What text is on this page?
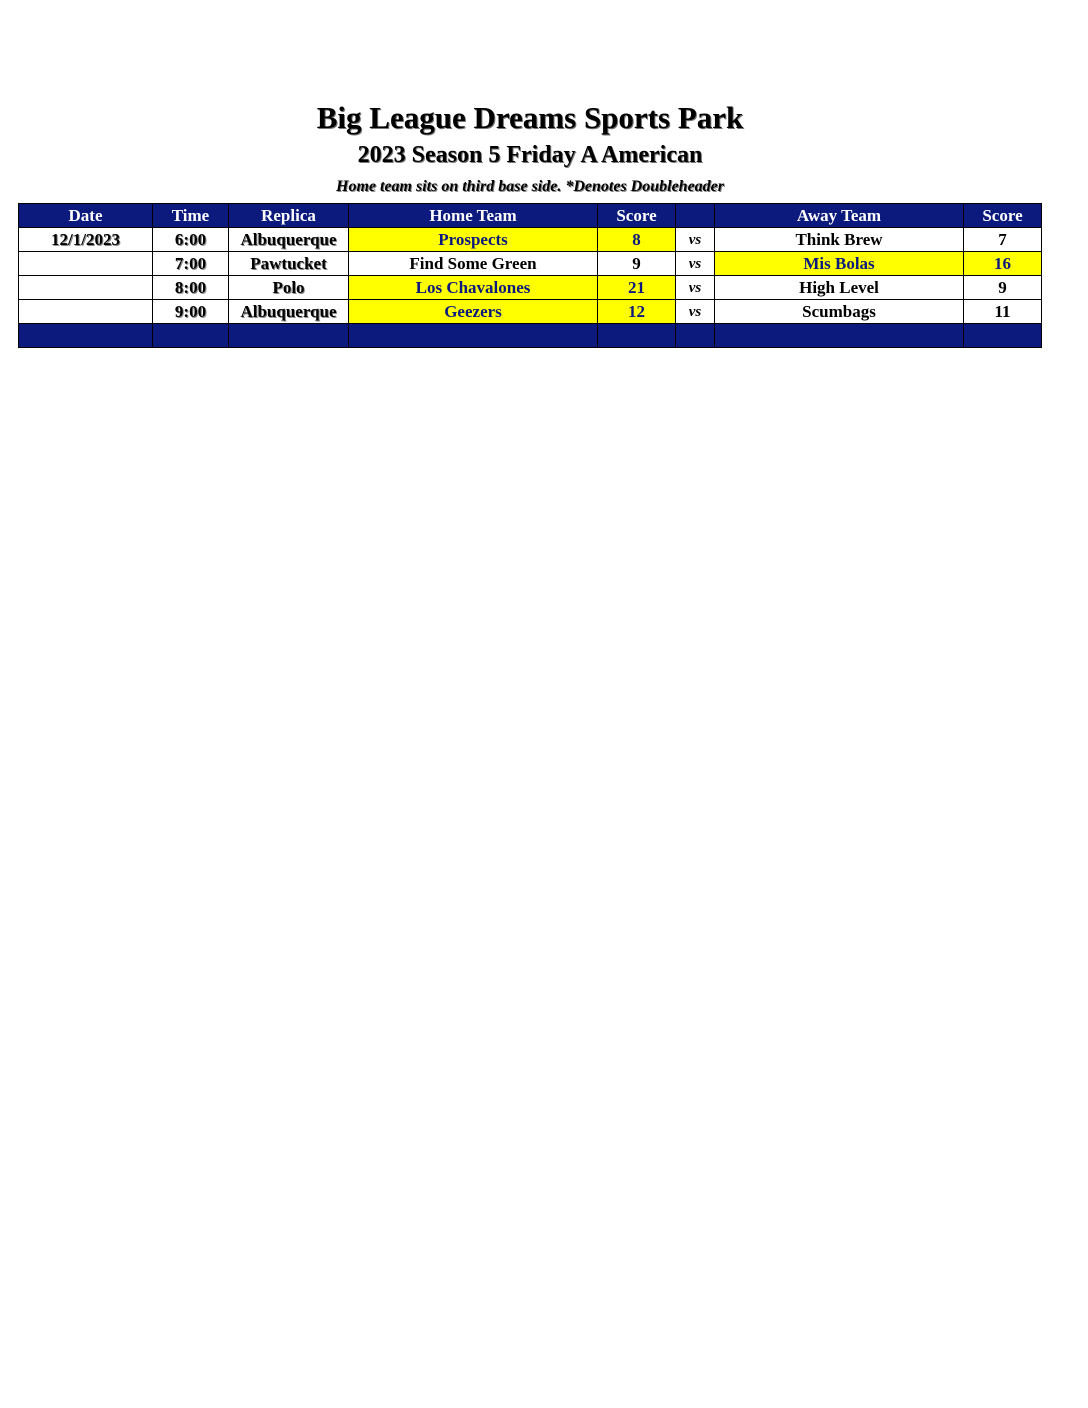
Big League Dreams Sports Park
2023 Season 5 Friday A American
Home team sits on third base side. *Denotes Doubleheader
Date	Time	Replica	Home Team	Score		Away Team	Score
12/1/2023	6:00	Albuquerque	Prospects	8	vs	Think Brew	7
	7:00	Pawtucket	Find Some Green	9	vs	Mis Bolas	16
	8:00	Polo	Los Chavalones	21	vs	High Level	9
	9:00	Albuquerque	Geezers	12	vs	Scumbags	11
